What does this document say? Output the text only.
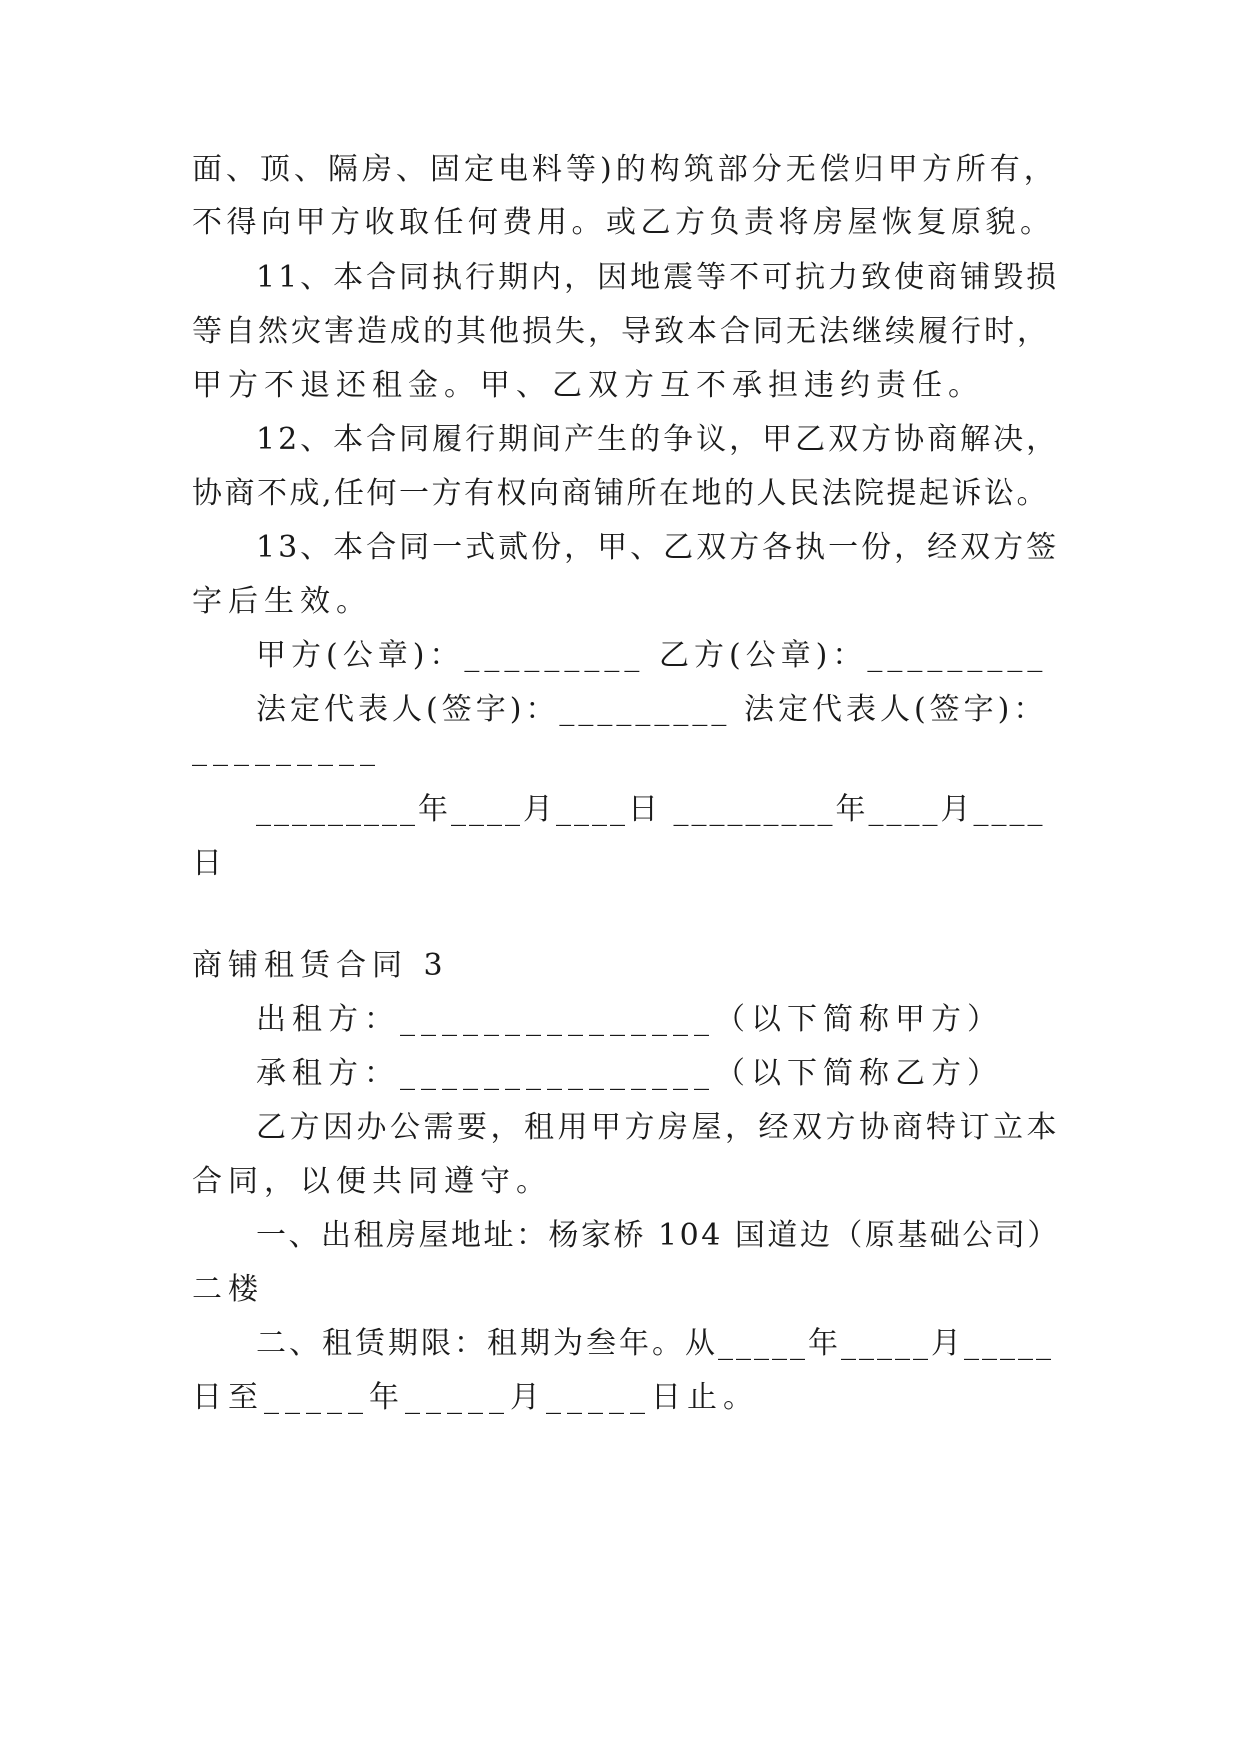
面、顶、隔房、固定电料等)的构筑部分无偿归甲方所有，
不得向甲方收取任何费用。或乙方负责将房屋恢复原貌。
11、本合同执行期内，因地震等不可抗力致使商铺毁损
等自然灾害造成的其他损失，导致本合同无法继续履行时，
甲方不退还租金。甲、乙双方互不承担违约责任。
12、本合同履行期间产生的争议，甲乙双方协商解决，
协商不成,任何一方有权向商铺所在地的人民法院提起诉讼。
13、本合同一式贰份，甲、乙双方各执一份，经双方签
字后生效。
甲方(公章)：_________ 乙方(公章)：_________
法定代表人(签字)：_________ 法定代表人(签字)：
_________
_________年____月____日 _________年____月____
日
商铺租赁合同 3
出租方：_______________（以下简称甲方）
承租方：_______________（以下简称乙方）
乙方因办公需要，租用甲方房屋，经双方协商特订立本
合同，以便共同遵守。
一、出租房屋地址：杨家桥 104 国道边（原基础公司）
二楼
二、租赁期限：租期为叁年。从_____年_____月_____
日至_____年_____月_____日止。
